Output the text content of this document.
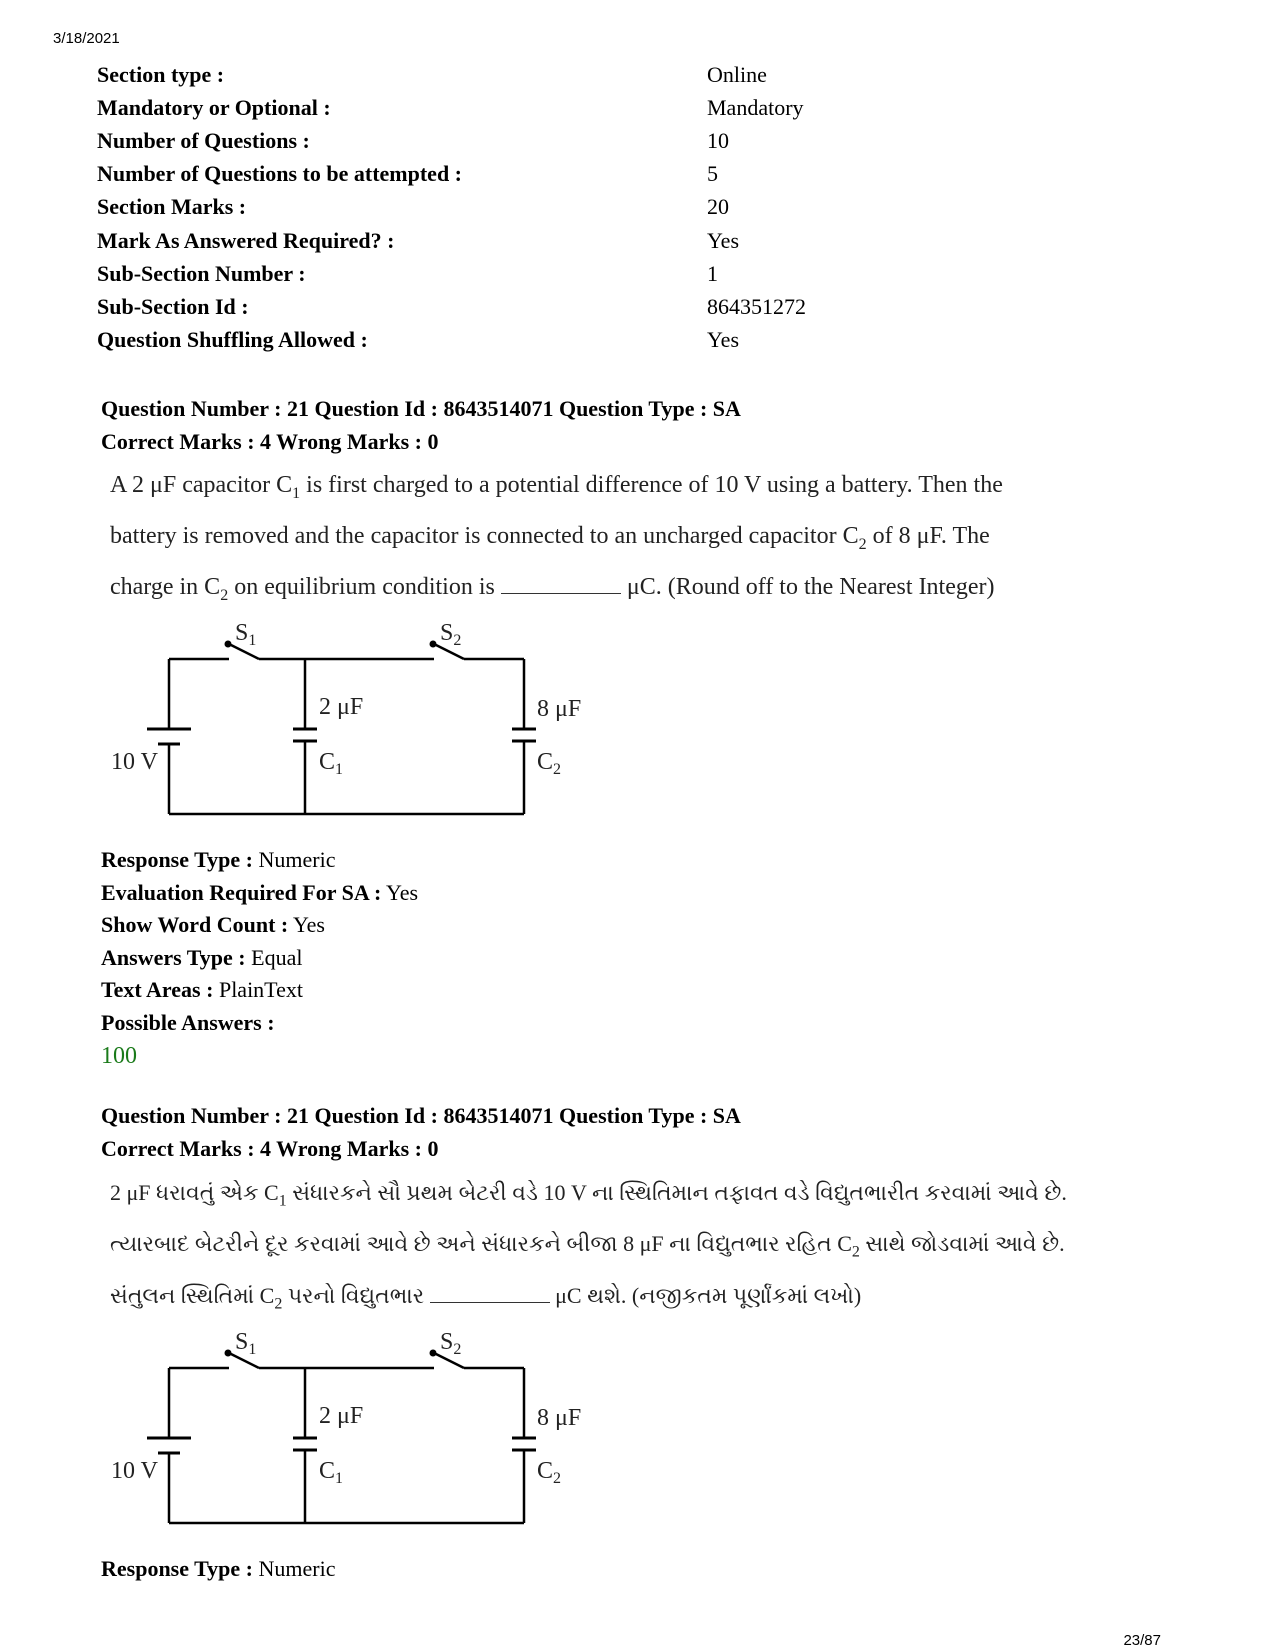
3/18/2021
Section type :	Online
Mandatory or Optional :	Mandatory
Number of Questions :	10
Number of Questions to be attempted :	5
Section Marks :	20
Mark As Answered Required? :	Yes
Sub-Section Number :	1
Sub-Section Id :	864351272
Question Shuffling Allowed :	Yes
Question Number : 21 Question Id : 8643514071 Question Type : SA
Correct Marks : 4 Wrong Marks : 0
A 2 μF capacitor $C_1$ is first charged to a potential difference of 10 V using a battery. Then the
battery is removed and the capacitor is connected to an uncharged capacitor $C_2$ of 8 μF. The
charge in $C_2$ on equilibrium condition is	μC. (Round off to the Nearest Integer)
$S_1$	$S_2$
2 μF
$C_1$
8 μF
$C_2$
10 V
Response Type : Numeric
Evaluation Required For SA : Yes
Show Word Count : Yes
Answers Type : Equal
Text Areas : PlainText
Possible Answers :
100
Question Number : 21 Question Id : 8643514071 Question Type : SA
Correct Marks : 4 Wrong Marks : 0
2 μF ધરાવતું એક $C_1$ સંધારકને સૌ પ્રથમ બેટરી વડે 10 V ના સ્થિતિમાન તફાવત વડે વિદ્યુતભારીત કરવામાં આવે છે.
ત્યારબાદ બેટરીને દૂર કરવામાં આવે છે અને સંધારકને બીજા 8 μF ના વિદ્યુતભાર રહિત $C_2$ સાથે જોડવામાં આવે છે.
સંતુલન સ્થિતિમાં $C_2$ પરનો વિદ્યુતભાર	μC થશે. (નજીકતમ પૂર્ણાંકમાં લખો)
$S_1$	$S_2$
2 μF
$C_1$
8 μF
$C_2$
10 V
Response Type : Numeric
23/87
